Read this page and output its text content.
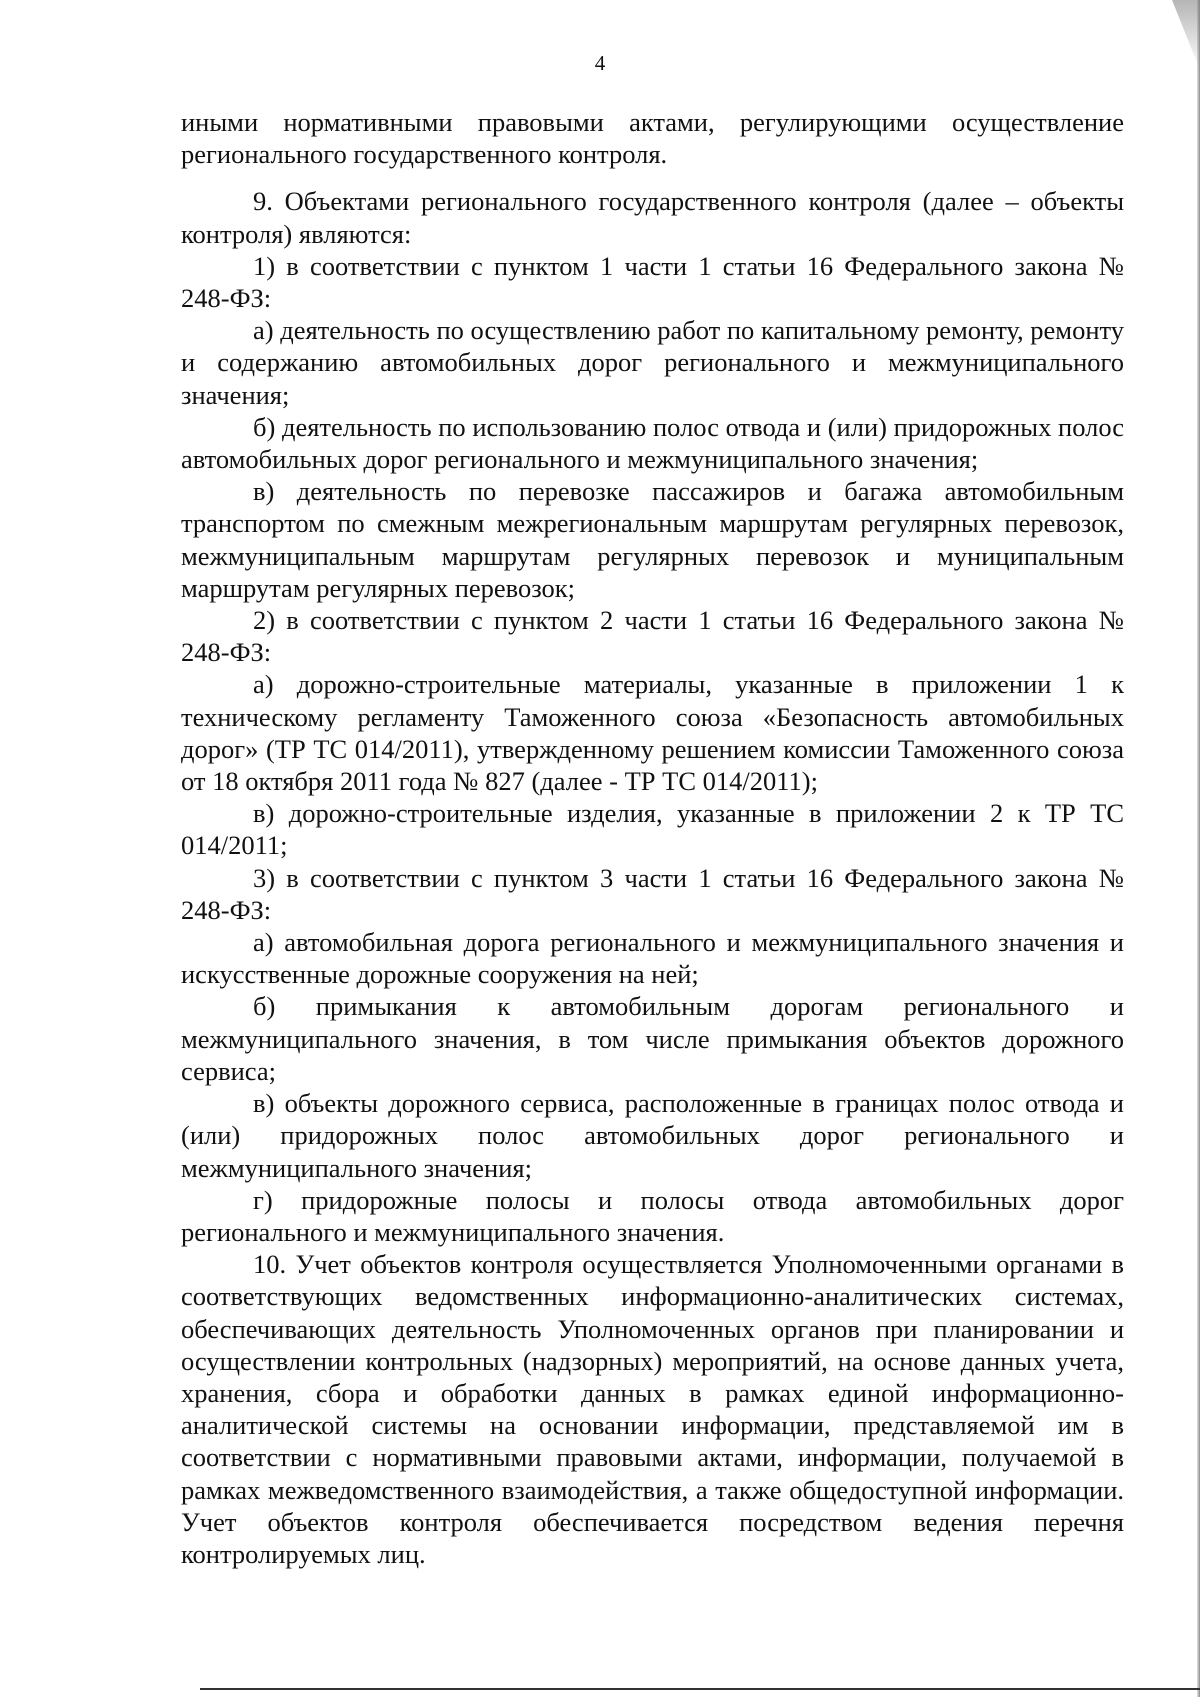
4

иными нормативными правовыми актами, регулирующими осуществление регионального государственного контроля.

9. Объектами регионального государственного контроля (далее – объекты контроля) являются:

1) в соответствии с пунктом 1 части 1 статьи 16 Федерального закона № 248-ФЗ:

а) деятельность по осуществлению работ по капитальному ремонту, ремонту и содержанию автомобильных дорог регионального и межмуниципального значения;

б) деятельность по использованию полос отвода и (или) придорожных полос автомобильных дорог регионального и межмуниципального значения;

в) деятельность по перевозке пассажиров и багажа автомобильным транспортом по смежным межрегиональным маршрутам регулярных перевозок, межмуниципальным маршрутам регулярных перевозок и муниципальным маршрутам регулярных перевозок;

2) в соответствии с пунктом 2 части 1 статьи 16 Федерального закона № 248-ФЗ:

а) дорожно-строительные материалы, указанные в приложении 1 к техническому регламенту Таможенного союза «Безопасность автомобильных дорог» (ТР ТС 014/2011), утвержденному решением комиссии Таможенного союза от 18 октября 2011 года № 827 (далее - ТР ТС 014/2011);

в) дорожно-строительные изделия, указанные в приложении 2 к ТР ТС 014/2011;

3) в соответствии с пунктом 3 части 1 статьи 16 Федерального закона № 248-ФЗ:

а) автомобильная дорога регионального и межмуниципального значения и искусственные дорожные сооружения на ней;

б) примыкания к автомобильным дорогам регионального и межмуниципального значения, в том числе примыкания объектов дорожного сервиса;

в) объекты дорожного сервиса, расположенные в границах полос отвода и (или) придорожных полос автомобильных дорог регионального и межмуниципального значения;

г) придорожные полосы и полосы отвода автомобильных дорог регионального и межмуниципального значения.

10. Учет объектов контроля осуществляется Уполномоченными органами в соответствующих ведомственных информационно-аналитических системах, обеспечивающих деятельность Уполномоченных органов при планировании и осуществлении контрольных (надзорных) мероприятий, на основе данных учета, хранения, сбора и обработки данных в рамках единой информационно-аналитической системы на основании информации, представляемой им в соответствии с нормативными правовыми актами, информации, получаемой в рамках межведомственного взаимодействия, а также общедоступной информации. Учет объектов контроля обеспечивается посредством ведения перечня контролируемых лиц.
